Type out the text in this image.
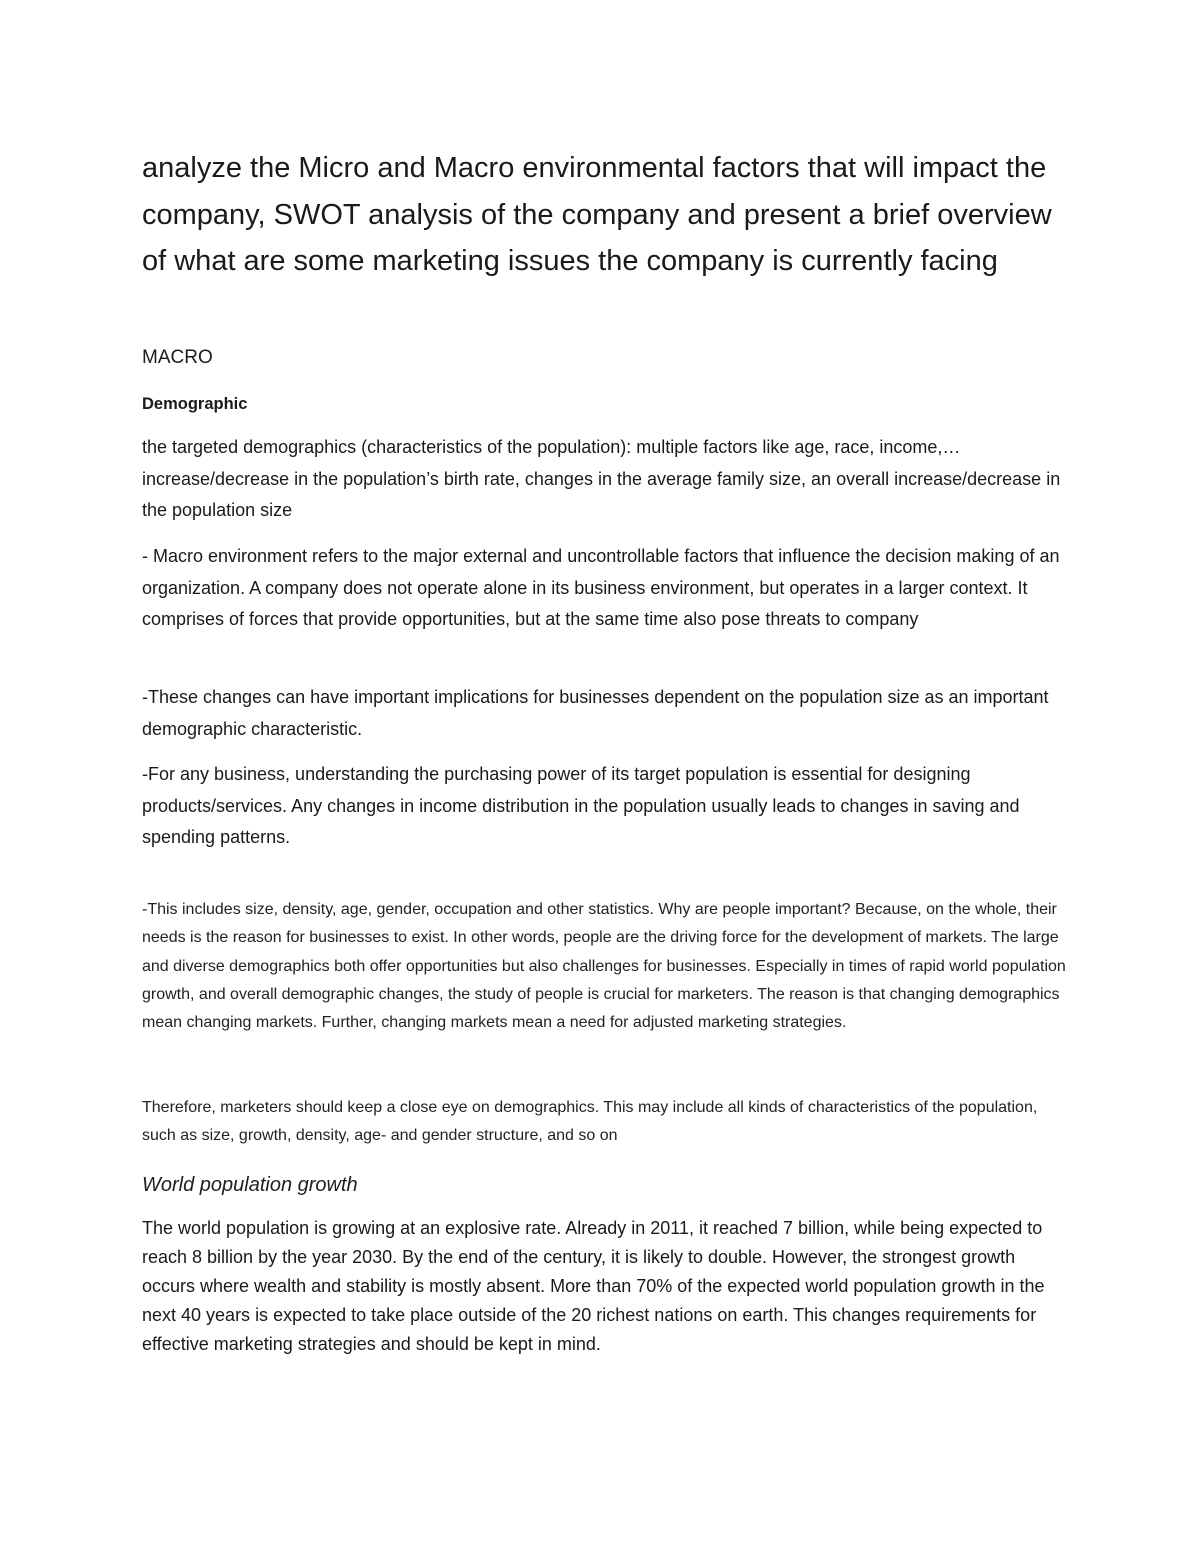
analyze the Micro and Macro environmental factors that will impact the company, SWOT analysis of the company and present a brief overview of what are some marketing issues the company is currently facing
MACRO
Demographic

the targeted demographics (characteristics of the population): multiple factors like age, race, income,… increase/decrease in the population’s birth rate, changes in the average family size, an overall increase/decrease in the population size

- Macro environment refers to the major external and uncontrollable factors that influence the decision making of an organization. A company does not operate alone in its business environment, but operates in a larger context. It comprises of forces that provide opportunities, but at the same time also pose threats to company

-These changes can have important implications for businesses dependent on the population size as an important demographic characteristic.

-For any business, understanding the purchasing power of its target population is essential for designing products/services. Any changes in income distribution in the population usually leads to changes in saving and spending patterns.

-This includes size, density, age, gender, occupation and other statistics. Why are people important? Because, on the whole, their needs is the reason for businesses to exist. In other words, people are the driving force for the development of markets. The large and diverse demographics both offer opportunities but also challenges for businesses. Especially in times of rapid world population growth, and overall demographic changes, the study of people is crucial for marketers. The reason is that changing demographics mean changing markets. Further, changing markets mean a need for adjusted marketing strategies.

Therefore, marketers should keep a close eye on demographics. This may include all kinds of characteristics of the population, such as size, growth, density, age- and gender structure, and so on

World population growth

The world population is growing at an explosive rate. Already in 2011, it reached 7 billion, while being expected to reach 8 billion by the year 2030. By the end of the century, it is likely to double. However, the strongest growth occurs where wealth and stability is mostly absent. More than 70% of the expected world population growth in the next 40 years is expected to take place outside of the 20 richest nations on earth. This changes requirements for effective marketing strategies and should be kept in mind.
